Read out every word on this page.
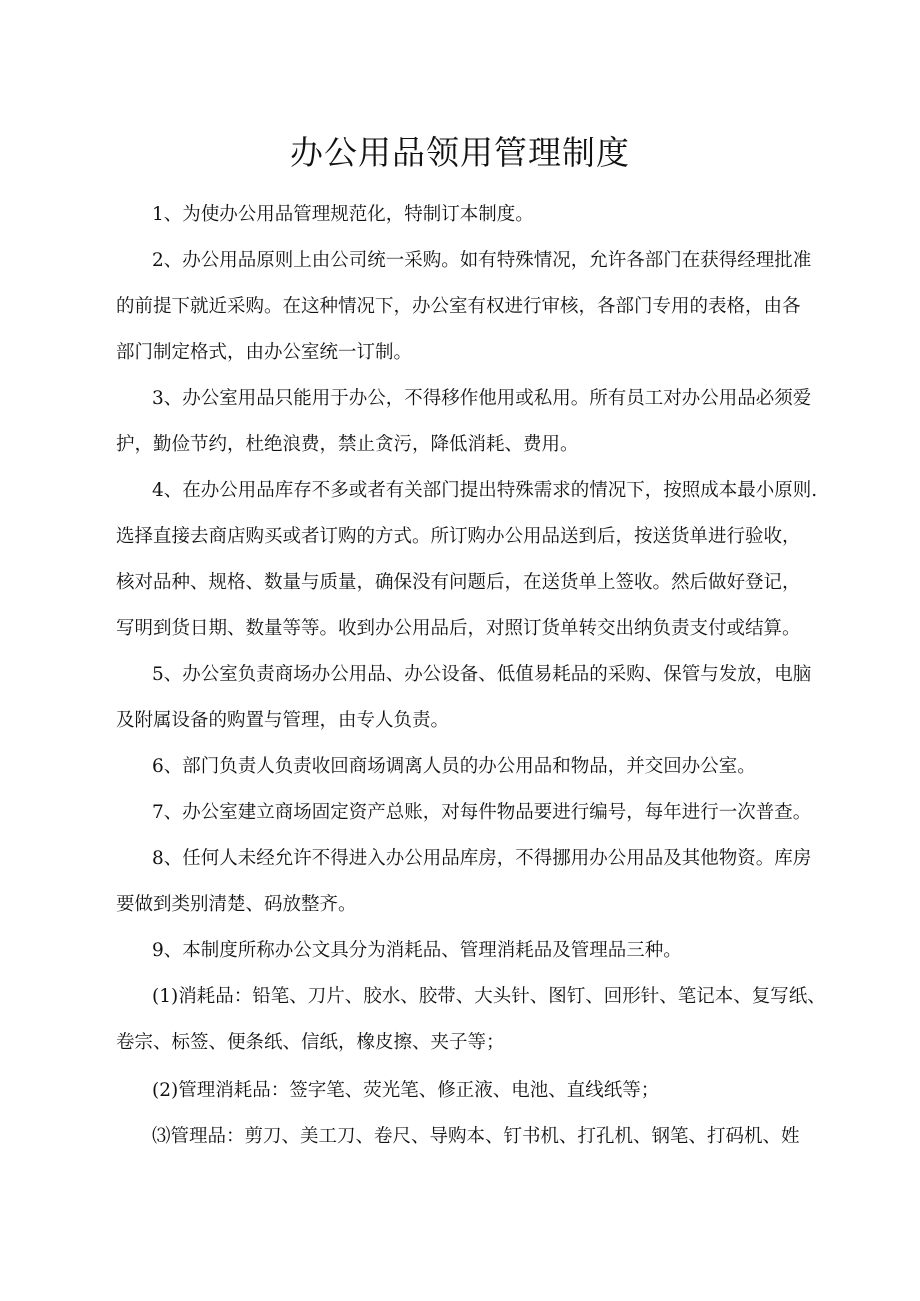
办公用品领用管理制度

1、为使办公用品管理规范化，特制订本制度。

2、办公用品原则上由公司统一采购。如有特殊情况，允许各部门在获得经理批准

的前提下就近采购。在这种情况下，办公室有权进行审核，各部门专用的表格，由各

部门制定格式，由办公室统一订制。

3、办公室用品只能用于办公，不得移作他用或私用。所有员工对办公用品必须爱

护，勤俭节约，杜绝浪费，禁止贪污，降低消耗、费用。

4、在办公用品库存不多或者有关部门提出特殊需求的情况下，按照成本最小原则.

选择直接去商店购买或者订购的方式。所订购办公用品送到后，按送货单进行验收，

核对品种、规格、数量与质量，确保没有问题后，在送货单上签收。然后做好登记，

写明到货日期、数量等等。收到办公用品后，对照订货单转交出纳负责支付或结算。

5、办公室负责商场办公用品、办公设备、低值易耗品的采购、保管与发放，电脑

及附属设备的购置与管理，由专人负责。

6、部门负责人负责收回商场调离人员的办公用品和物品，并交回办公室。

7、办公室建立商场固定资产总账，对每件物品要进行编号，每年进行一次普查。

8、任何人未经允许不得进入办公用品库房，不得挪用办公用品及其他物资。库房

要做到类别清楚、码放整齐。

9、本制度所称办公文具分为消耗品、管理消耗品及管理品三种。

(1)消耗品：铅笔、刀片、胶水、胶带、大头针、图钉、回形针、笔记本、复写纸、

卷宗、标签、便条纸、信纸，橡皮擦、夹子等；

(2)管理消耗品：签字笔、荧光笔、修正液、电池、直线纸等；

⑶管理品：剪刀、美工刀、卷尺、导购本、钉书机、打孔机、钢笔、打码机、姓
